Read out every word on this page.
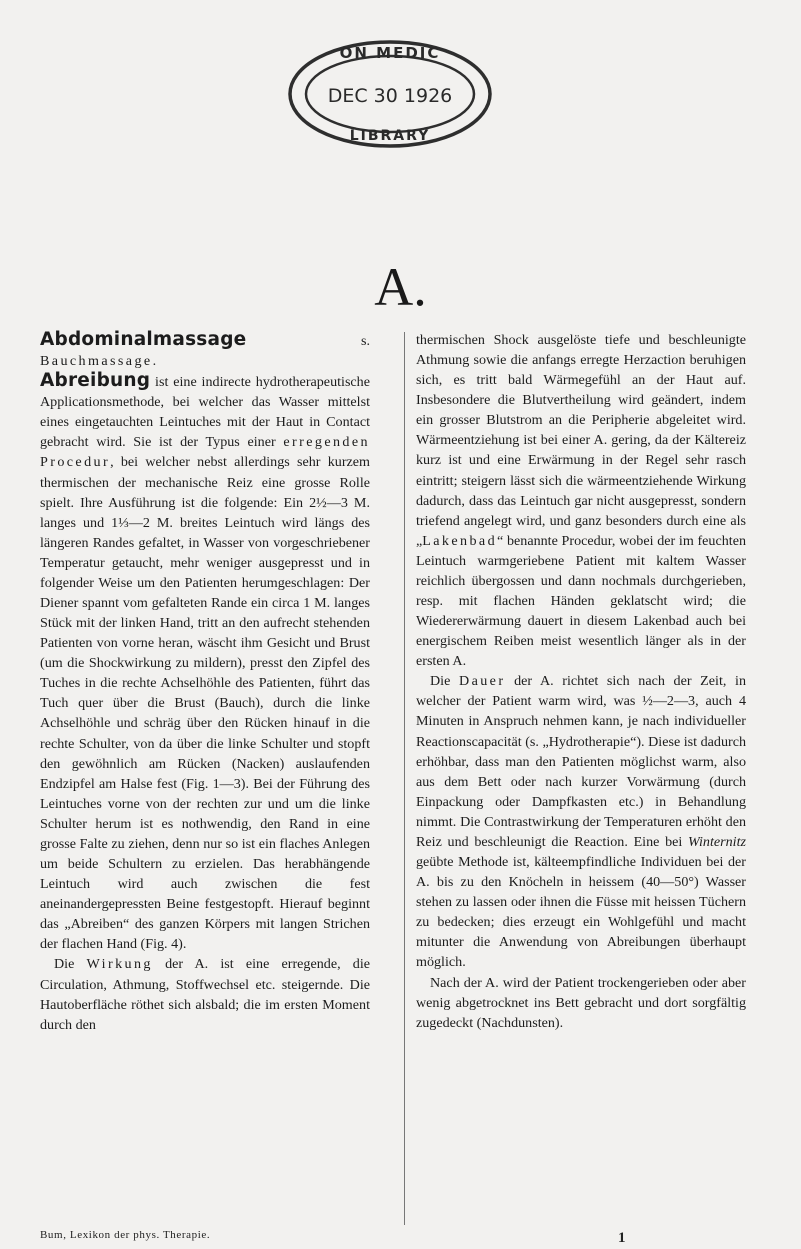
ON MEDIC
DEC 30 1926
LIBRARY
A.

Abdominalmassage s. Bauchmassage.

Abreibung ist eine indirecte hydrotherapeutische Applicationsmethode, bei welcher das Wasser mittelst eines eingetauchten Leintuches mit der Haut in Contact gebracht wird. Sie ist der Typus einer erregenden Procedur, bei welcher nebst allerdings sehr kurzem thermischen der mechanische Reiz eine grosse Rolle spielt. Ihre Ausführung ist die folgende: Ein 2½—3 M. langes und 1⅓—2 M. breites Leintuch wird längs des längeren Randes gefaltet, in Wasser von vorgeschriebener Temperatur getaucht, mehr weniger ausgepresst und in folgender Weise um den Patienten herumgeschlagen: Der Diener spannt vom gefalteten Rande ein circa 1 M. langes Stück mit der linken Hand, tritt an den aufrecht stehenden Patienten von vorne heran, wäscht ihm Gesicht und Brust (um die Shockwirkung zu mildern), presst den Zipfel des Tuches in die rechte Achselhöhle des Patienten, führt das Tuch quer über die Brust (Bauch), durch die linke Achselhöhle und schräg über den Rücken hinauf in die rechte Schulter, von da über die linke Schulter und stopft den gewöhnlich am Rücken (Nacken) auslaufenden Endzipfel am Halse fest (Fig. 1—3). Bei der Führung des Leintuches vorne von der rechten zur und um die linke Schulter herum ist es nothwendig, den Rand in eine grosse Falte zu ziehen, denn nur so ist ein flaches Anlegen um beide Schultern zu erzielen. Das herabhängende Leintuch wird auch zwischen die fest aneinandergepressten Beine festgestopft. Hierauf beginnt das „Abreiben“ des ganzen Körpers mit langen Strichen der flachen Hand (Fig. 4).

Die Wirkung der A. ist eine erregende, die Circulation, Athmung, Stoffwechsel etc. steigernde. Die Hautoberfläche röthet sich alsbald; die im ersten Moment durch den

thermischen Shock ausgelöste tiefe und beschleunigte Athmung sowie die anfangs erregte Herzaction beruhigen sich, es tritt bald Wärmegefühl an der Haut auf. Insbesondere die Blutvertheilung wird geändert, indem ein grosser Blutstrom an die Peripherie abgeleitet wird. Wärmeentziehung ist bei einer A. gering, da der Kältereiz kurz ist und eine Erwärmung in der Regel sehr rasch eintritt; steigern lässt sich die wärmeentziehende Wirkung dadurch, dass das Leintuch gar nicht ausgepresst, sondern triefend angelegt wird, und ganz besonders durch eine als „Lakenbad“ benannte Procedur, wobei der im feuchten Leintuch warmgeriebene Patient mit kaltem Wasser reichlich übergossen und dann nochmals durchgerieben, resp. mit flachen Händen geklatscht wird; die Wiedererwärmung dauert in diesem Lakenbad auch bei energischem Reiben meist wesentlich länger als in der ersten A.

Die Dauer der A. richtet sich nach der Zeit, in welcher der Patient warm wird, was ½—2—3, auch 4 Minuten in Anspruch nehmen kann, je nach individueller Reactionscapacität (s. „Hydrotherapie“). Diese ist dadurch erhöhbar, dass man den Patienten möglichst warm, also aus dem Bett oder nach kurzer Vorwärmung (durch Einpackung oder Dampfkasten etc.) in Behandlung nimmt. Die Contrastwirkung der Temperaturen erhöht den Reiz und beschleunigt die Reaction. Eine bei Winternitz geübte Methode ist, kälteempfindliche Individuen bei der A. bis zu den Knöcheln in heissem (40—50°) Wasser stehen zu lassen oder ihnen die Füsse mit heissen Tüchern zu bedecken; dies erzeugt ein Wohlgefühl und macht mitunter die Anwendung von Abreibungen überhaupt möglich.

Nach der A. wird der Patient trockengerieben oder aber wenig abgetrocknet ins Bett gebracht und dort sorgfältig zugedeckt (Nachdunsten).

Bum, Lexikon der phys. Therapie.	1
